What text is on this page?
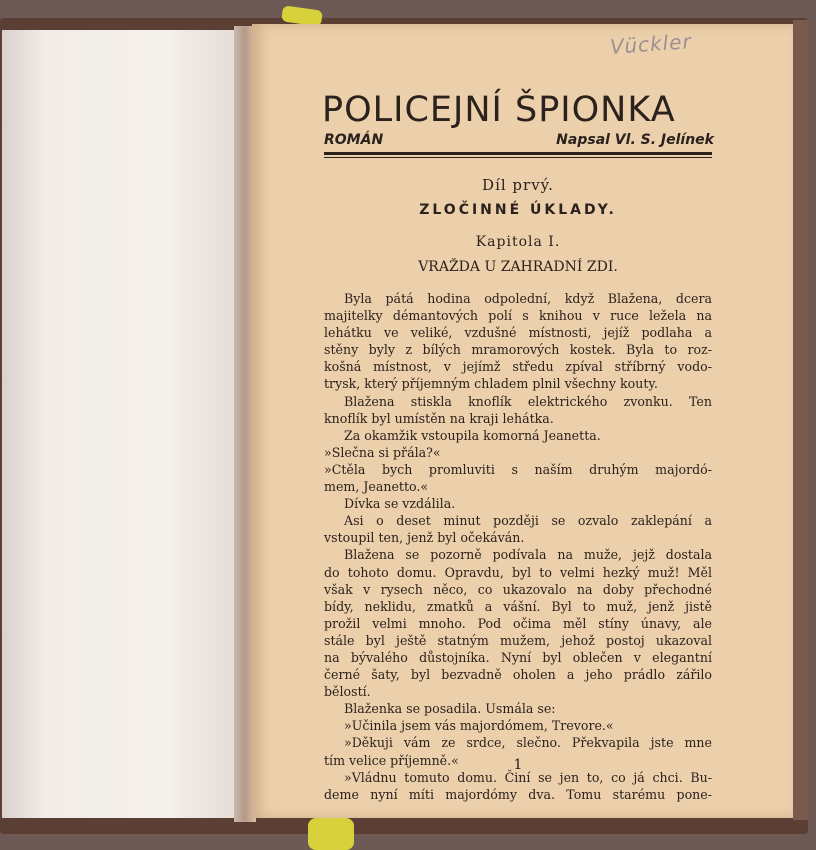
Vückler
POLICEJNÍ ŠPIONKA
ROMÁN	Napsal Vl. S. Jelínek
Díl prvý.
ZLOČINNÉ ÚKLADY.
Kapitola I.
VRAŽDA U ZAHRADNÍ ZDI.
Byla pátá hodina odpolední, když Blažena, dcera
majitelky démantových polí s knihou v ruce ležela na
lehátku ve veliké, vzdušné místnosti, jejíž podlaha a
stěny byly z bílých mramorových kostek. Byla to roz-
košná místnost, v jejímž středu zpíval stříbrný vodo-
trysk, který příjemným chladem plnil všechny kouty.
Blažena stiskla knoflík elektrického zvonku. Ten
knoflík byl umístěn na kraji lehátka.
Za okamžik vstoupila komorná Jeanetta.
»Slečna si přála?«
»Ctěla bych promluviti s naším druhým majordó-
mem, Jeanetto.«
Dívka se vzdálila.
Asi o deset minut později se ozvalo zaklepání a
vstoupil ten, jenž byl očekáván.
Blažena se pozorně podívala na muže, jejž dostala
do tohoto domu. Opravdu, byl to velmi hezký muž! Měl
však v rysech něco, co ukazovalo na doby přechodné
bídy, neklidu, zmatků a vášní. Byl to muž, jenž jistě
prožil velmi mnoho. Pod očima měl stíny únavy, ale
stále byl ještě statným mužem, jehož postoj ukazoval
na bývalého důstojníka. Nyní byl oblečen v elegantní
černé šaty, byl bezvadně oholen a jeho prádlo zářilo
bělostí.
Blaženka se posadila. Usmála se:
»Učinila jsem vás majordómem, Trevore.«
»Děkuji vám ze srdce, slečno. Překvapila jste mne
tím velice příjemně.«
»Vládnu tomuto domu. Činí se jen to, co já chci. Bu-
deme nyní míti majordómy dva. Tomu starému pone-
1
